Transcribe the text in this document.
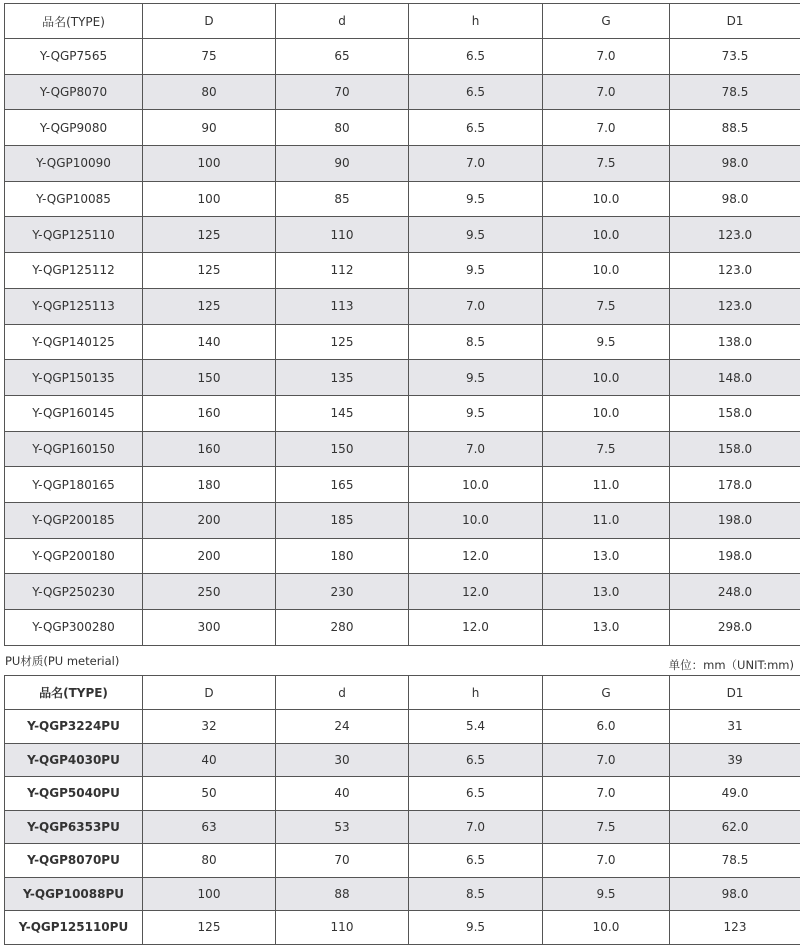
品名(TYPE)	D	d	h	G	D1
Y-QGP7565	75	65	6.5	7.0	73.5
Y-QGP8070	80	70	6.5	7.0	78.5
Y-QGP9080	90	80	6.5	7.0	88.5
Y-QGP10090	100	90	7.0	7.5	98.0
Y-QGP10085	100	85	9.5	10.0	98.0
Y-QGP125110	125	110	9.5	10.0	123.0
Y-QGP125112	125	112	9.5	10.0	123.0
Y-QGP125113	125	113	7.0	7.5	123.0
Y-QGP140125	140	125	8.5	9.5	138.0
Y-QGP150135	150	135	9.5	10.0	148.0
Y-QGP160145	160	145	9.5	10.0	158.0
Y-QGP160150	160	150	7.0	7.5	158.0
Y-QGP180165	180	165	10.0	11.0	178.0
Y-QGP200185	200	185	10.0	11.0	198.0
Y-QGP200180	200	180	12.0	13.0	198.0
Y-QGP250230	250	230	12.0	13.0	248.0
Y-QGP300280	300	280	12.0	13.0	298.0
PU材质(PU meterial)	单位：mm（UNIT:mm)
品名(TYPE)	D	d	h	G	D1
Y-QGP3224PU	32	24	5.4	6.0	31
Y-QGP4030PU	40	30	6.5	7.0	39
Y-QGP5040PU	50	40	6.5	7.0	49.0
Y-QGP6353PU	63	53	7.0	7.5	62.0
Y-QGP8070PU	80	70	6.5	7.0	78.5
Y-QGP10088PU	100	88	8.5	9.5	98.0
Y-QGP125110PU	125	110	9.5	10.0	123
